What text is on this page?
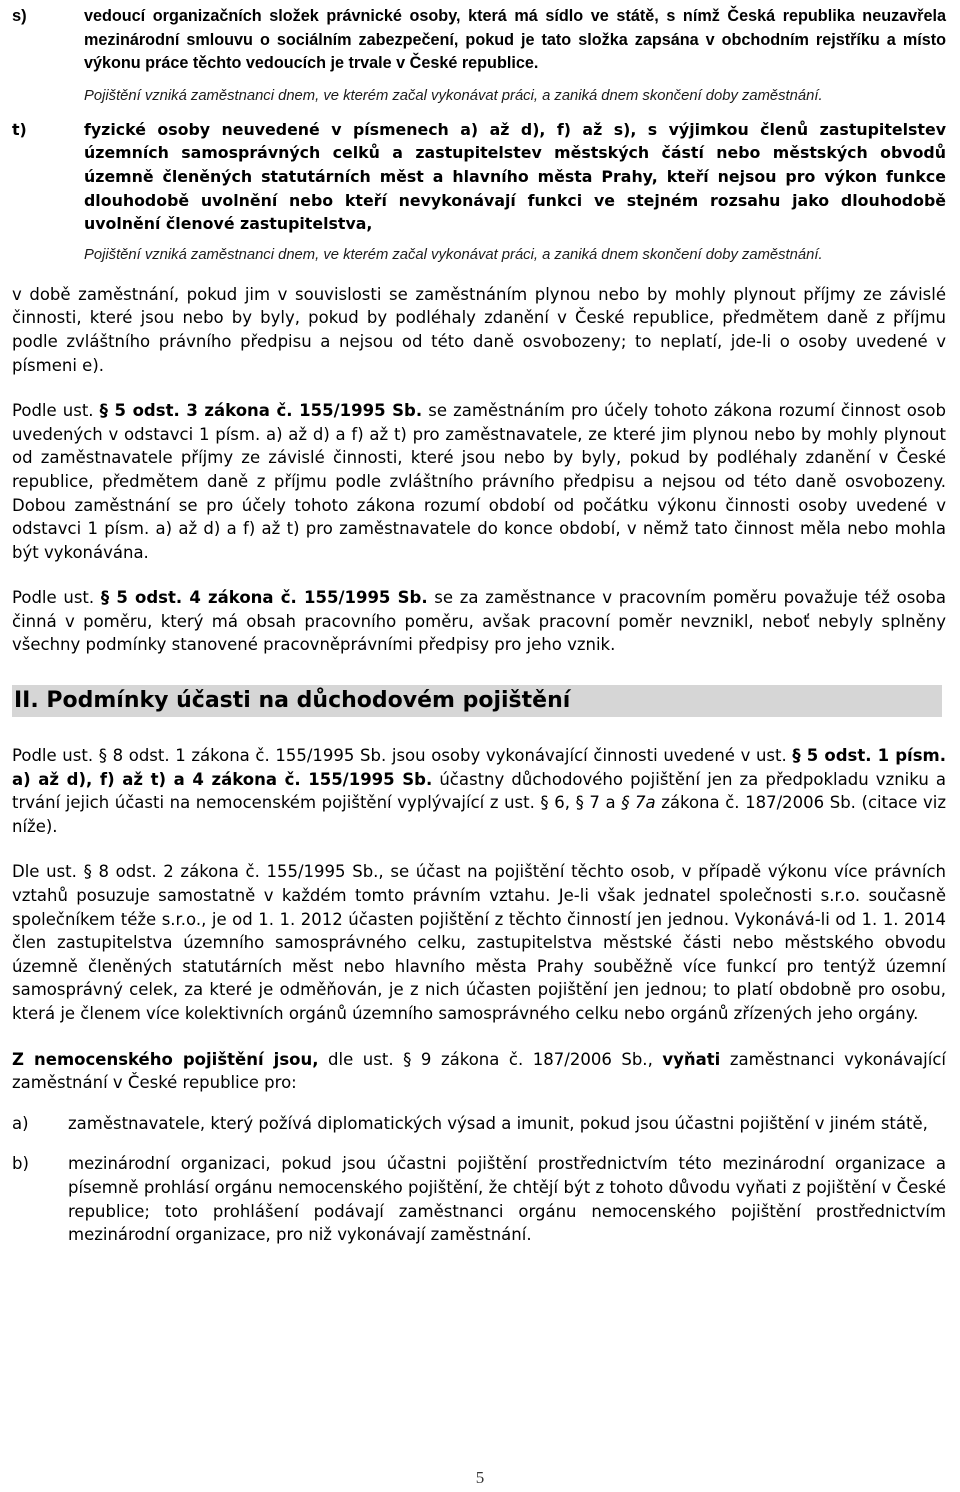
s)	vedoucí organizačních složek právnické osoby, která má sídlo ve státě, s nímž Česká republika neuzavřela mezinárodní smlouvu o sociálním zabezpečení, pokud je tato složka zapsána v obchodním rejstříku a místo výkonu práce těchto vedoucích je trvale v České republice.

Pojištění vzniká zaměstnanci dnem, ve kterém začal vykonávat práci, a zaniká dnem skončení doby zaměstnání.

t)	fyzické osoby neuvedené v písmenech a) až d), f) až s), s výjimkou členů zastupitelstev územních samosprávných celků a zastupitelstev městských částí nebo městských obvodů územně členěných statutárních měst a hlavního města Prahy, kteří nejsou pro výkon funkce dlouhodobě uvolnění nebo kteří nevykonávají funkci ve stejném rozsahu jako dlouhodobě uvolnění členové zastupitelstva,

Pojištění vzniká zaměstnanci dnem, ve kterém začal vykonávat práci, a zaniká dnem skončení doby zaměstnání.

v době zaměstnání, pokud jim v souvislosti se zaměstnáním plynou nebo by mohly plynout příjmy ze závislé činnosti, které jsou nebo by byly, pokud by podléhaly zdanění v České republice, předmětem daně z příjmu podle zvláštního právního předpisu a nejsou od této daně osvobozeny; to neplatí, jde-li o osoby uvedené v písmeni e).

Podle ust. § 5 odst. 3 zákona č. 155/1995 Sb. se zaměstnáním pro účely tohoto zákona rozumí činnost osob uvedených v odstavci 1 písm. a) až d) a f) až t) pro zaměstnavatele, ze které jim plynou nebo by mohly plynout od zaměstnavatele příjmy ze závislé činnosti, které jsou nebo by byly, pokud by podléhaly zdanění v České republice, předmětem daně z příjmu podle zvláštního právního předpisu a nejsou od této daně osvobozeny. Dobou zaměstnání se pro účely tohoto zákona rozumí období od počátku výkonu činnosti osoby uvedené v odstavci 1 písm. a) až d) a f) až t) pro zaměstnavatele do konce období, v němž tato činnost měla nebo mohla být vykonávána.

Podle ust. § 5 odst. 4 zákona č. 155/1995 Sb. se za zaměstnance v pracovním poměru považuje též osoba činná v poměru, který má obsah pracovního poměru, avšak pracovní poměr nevznikl, neboť nebyly splněny všechny podmínky stanovené pracovněprávními předpisy pro jeho vznik.

II. Podmínky účasti na důchodovém pojištění

Podle ust. § 8 odst. 1 zákona č. 155/1995 Sb. jsou osoby vykonávající činnosti uvedené v ust. § 5 odst. 1 písm. a) až d), f) až t) a 4 zákona č. 155/1995 Sb. účastny důchodového pojištění jen za předpokladu vzniku a trvání jejich účasti na nemocenském pojištění vyplývající z ust. § 6, § 7 a § 7a zákona č. 187/2006 Sb. (citace viz níže).

Dle ust. § 8 odst. 2 zákona č. 155/1995 Sb., se účast na pojištění těchto osob, v případě výkonu více právních vztahů posuzuje samostatně v každém tomto právním vztahu. Je-li však jednatel společnosti s.r.o. současně společníkem téže s.r.o., je od 1. 1. 2012 účasten pojištění z těchto činností jen jednou. Vykonává-li od 1. 1. 2014 člen zastupitelstva územního samosprávného celku, zastupitelstva městské části nebo městského obvodu územně členěných statutárních měst nebo hlavního města Prahy souběžně více funkcí pro tentýž územní samosprávný celek, za které je odměňován, je z nich účasten pojištění jen jednou; to platí obdobně pro osobu, která je členem více kolektivních orgánů územního samosprávného celku nebo orgánů zřízených jeho orgány.

Z nemocenského pojištění jsou, dle ust. § 9 zákona č. 187/2006 Sb., vyňati zaměstnanci vykonávající zaměstnání v České republice pro:

a) zaměstnavatele, který požívá diplomatických výsad a imunit, pokud jsou účastni pojištění v jiném státě,

b) mezinárodní organizaci, pokud jsou účastni pojištění prostřednictvím této mezinárodní organizace a písemně prohlásí orgánu nemocenského pojištění, že chtějí být z tohoto důvodu vyňati z pojištění v České republice; toto prohlášení podávají zaměstnanci orgánu nemocenského pojištění prostřednictvím mezinárodní organizace, pro niž vykonávají zaměstnání.

5
